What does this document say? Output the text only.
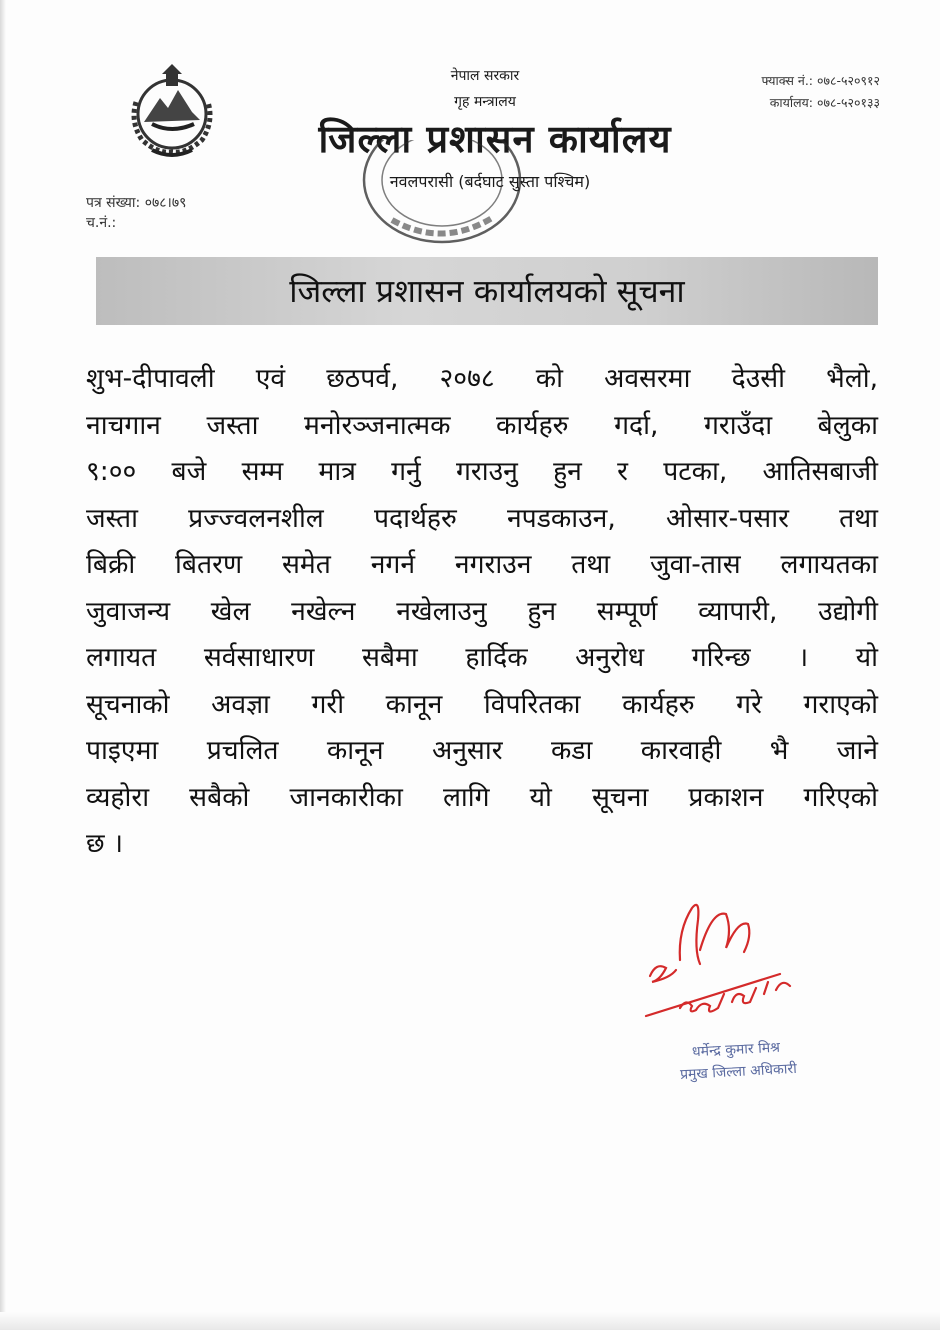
नेपाल सरकार
गृह मन्त्रालय
जिल्ला प्रशासन कार्यालय
नवलपरासी (बर्दघाट सुस्ता पश्चिम)
फ्याक्स नं.: ०७८-५२०९१२
कार्यालय: ०७८-५२०१३३
पत्र संख्या: ०७८।७९
च.नं.:
जिल्ला प्रशासन कार्यालयको सूचना
शुभ-दीपावली एवं छठपर्व, २०७८ को अवसरमा देउसी भैलो,
नाचगान जस्ता मनोरञ्जनात्मक कार्यहरु गर्दा, गराउँदा बेलुका
९:०० बजे सम्म मात्र गर्नु गराउनु हुन र पटका, आतिसबाजी
जस्ता प्रज्ज्वलनशील पदार्थहरु नपडकाउन, ओसार-पसार तथा
बिक्री बितरण समेत नगर्न नगराउन तथा जुवा-तास लगायतका
जुवाजन्य खेल नखेल्न नखेलाउनु हुन सम्पूर्ण व्यापारी, उद्योगी
लगायत सर्वसाधारण सबैमा हार्दिक अनुरोध गरिन्छ । यो
सूचनाको अवज्ञा गरी कानून विपरितका कार्यहरु गरे गराएको
पाइएमा प्रचलित कानून अनुसार कडा कारवाही भै जाने
व्यहोरा सबैको जानकारीका लागि यो सूचना प्रकाशन गरिएको
छ ।
धर्मेन्द्र कुमार मिश्र
प्रमुख जिल्ला अधिकारी
